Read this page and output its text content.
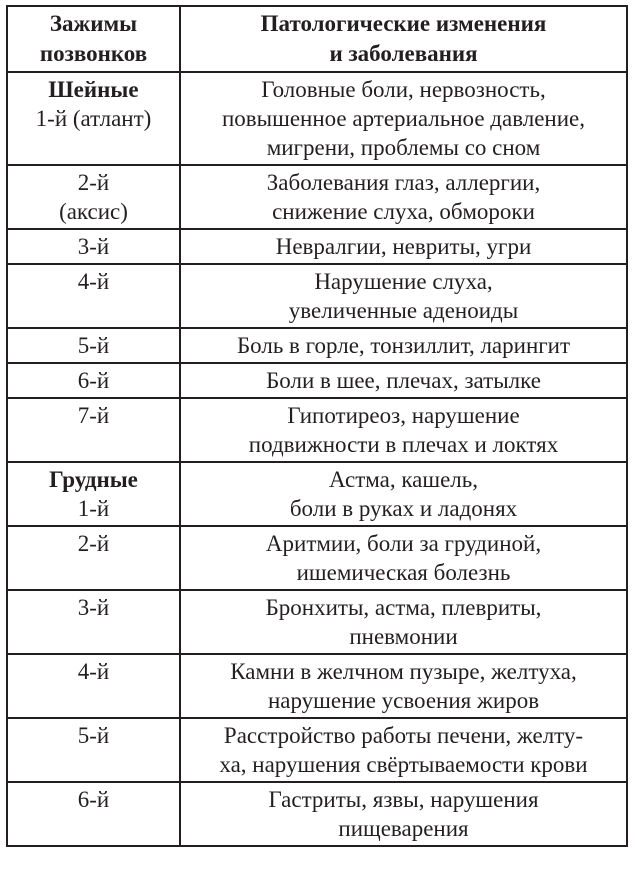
Зажимы
позвонков	Патологические изменения
и заболевания

Шейные
1-й (атлант)	Головные боли, нервозность,
повышенное артериальное давление,
мигрени, проблемы со сном

2-й
(аксис)	Заболевания глаз, аллергии,
снижение слуха, обмороки

3-й	Невралгии, невриты, угри

4-й	Нарушение слуха,
увеличенные аденоиды

5-й	Боль в горле, тонзиллит, ларингит

6-й	Боли в шее, плечах, затылке

7-й	Гипотиреоз, нарушение
подвижности в плечах и локтях

Грудные
1-й	Астма, кашель,
боли в руках и ладонях

2-й	Аритмии, боли за грудиной,
ишемическая болезнь

3-й	Бронхиты, астма, плевриты,
пневмонии

4-й	Камни в желчном пузыре, желтуха,
нарушение усвоения жиров

5-й	Расстройство работы печени, желту-
ха, нарушения свёртываемости крови

6-й	Гастриты, язвы, нарушения
пищеварения
